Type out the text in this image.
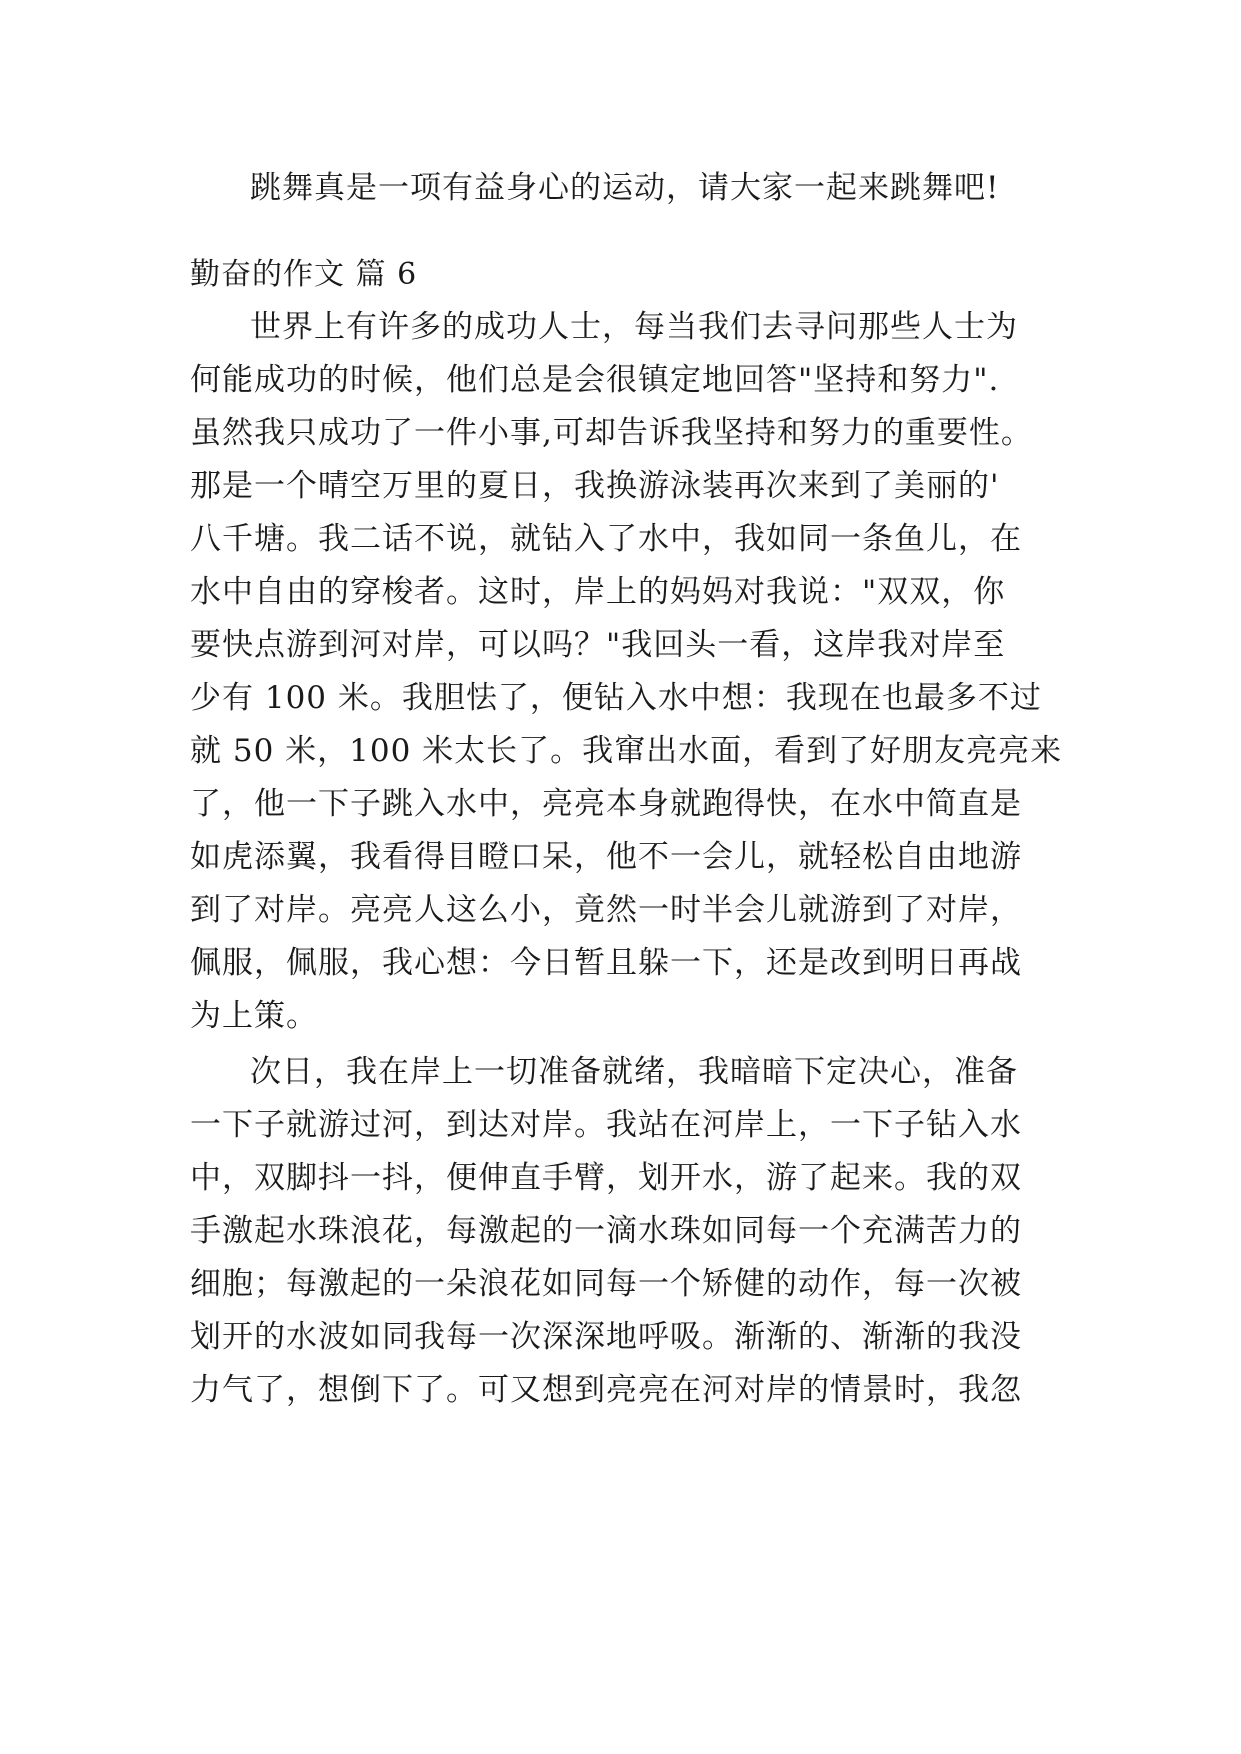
跳舞真是一项有益身心的运动，请大家一起来跳舞吧!
勤奋的作文 篇 6
世界上有许多的成功人士，每当我们去寻问那些人士为
何能成功的时候，他们总是会很镇定地回答"坚持和努力".
虽然我只成功了一件小事,可却告诉我坚持和努力的重要性。
那是一个晴空万里的夏日，我换游泳装再次来到了美丽的'
八千塘。我二话不说，就钻入了水中，我如同一条鱼儿，在
水中自由的穿梭者。这时，岸上的妈妈对我说："双双，你
要快点游到河对岸，可以吗？"我回头一看，这岸我对岸至
少有 100 米。我胆怯了，便钻入水中想：我现在也最多不过
就 50 米，100 米太长了。我窜出水面，看到了好朋友亮亮来
了，他一下子跳入水中，亮亮本身就跑得快，在水中简直是
如虎添翼，我看得目瞪口呆，他不一会儿，就轻松自由地游
到了对岸。亮亮人这么小，竟然一时半会儿就游到了对岸，
佩服，佩服，我心想：今日暂且躲一下，还是改到明日再战
为上策。
次日，我在岸上一切准备就绪，我暗暗下定决心，准备
一下子就游过河，到达对岸。我站在河岸上，一下子钻入水
中，双脚抖一抖，便伸直手臂，划开水，游了起来。我的双
手激起水珠浪花，每激起的一滴水珠如同每一个充满苦力的
细胞；每激起的一朵浪花如同每一个矫健的动作，每一次被
划开的水波如同我每一次深深地呼吸。渐渐的、渐渐的我没
力气了，想倒下了。可又想到亮亮在河对岸的情景时，我忽
